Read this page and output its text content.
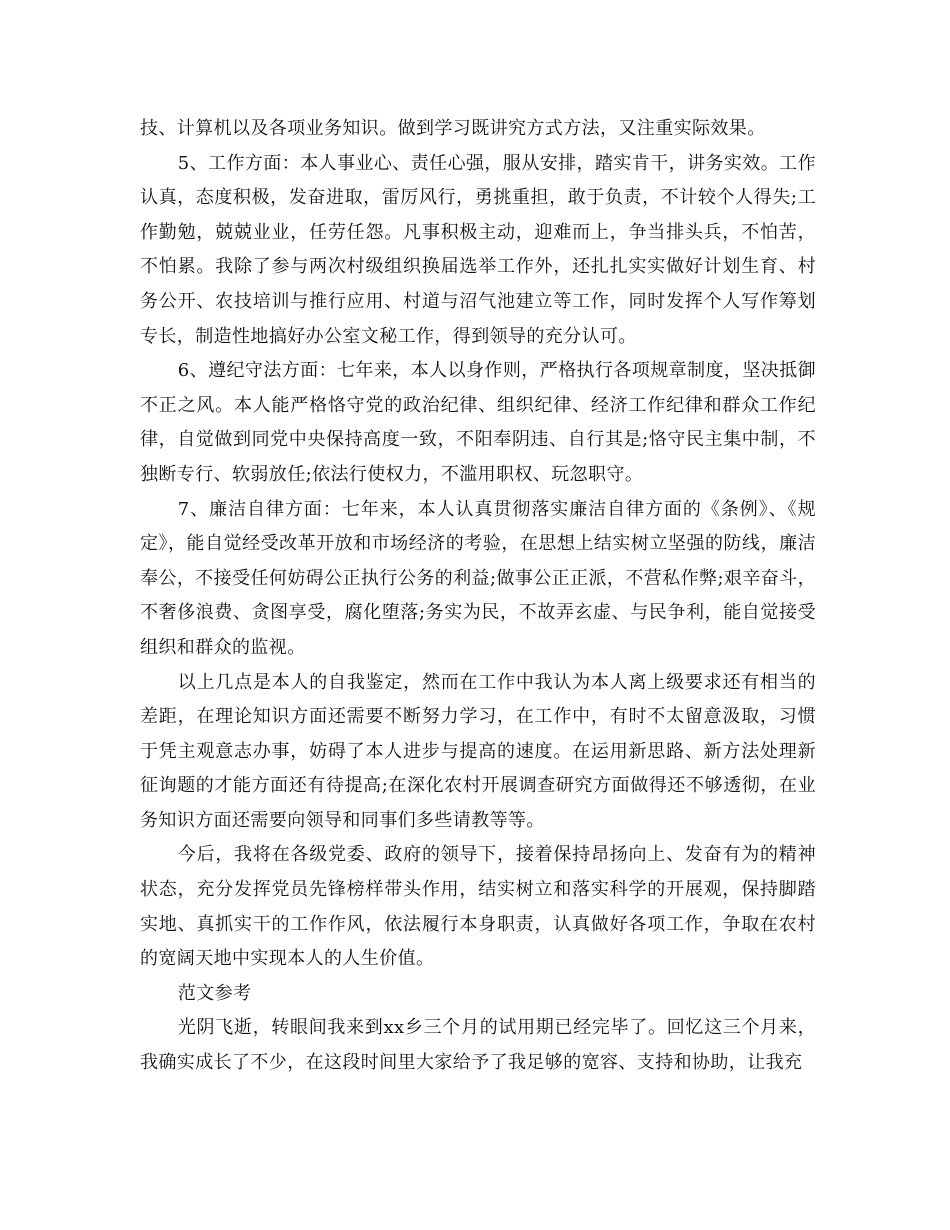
技、计算机以及各项业务知识。做到学习既讲究方式方法，又注重实际效果。

5、工作方面：本人事业心、责任心强，服从安排，踏实肯干，讲务实效。工作认真，态度积极，发奋进取，雷厉风行，勇挑重担，敢于负责，不计较个人得失;工作勤勉，兢兢业业，任劳任怨。凡事积极主动，迎难而上，争当排头兵，不怕苦，不怕累。我除了参与两次村级组织换届选举工作外，还扎扎实实做好计划生育、村务公开、农技培训与推行应用、村道与沼气池建立等工作，同时发挥个人写作筹划专长，制造性地搞好办公室文秘工作，得到领导的充分认可。

6、遵纪守法方面：七年来，本人以身作则，严格执行各项规章制度，坚决抵御不正之风。本人能严格恪守党的政治纪律、组织纪律、经济工作纪律和群众工作纪律，自觉做到同党中央保持高度一致，不阳奉阴违、自行其是;恪守民主集中制，不独断专行、软弱放任;依法行使权力，不滥用职权、玩忽职守。

7、廉洁自律方面：七年来，本人认真贯彻落实廉洁自律方面的《条例》、《规定》，能自觉经受改革开放和市场经济的考验，在思想上结实树立坚强的防线，廉洁奉公，不接受任何妨碍公正执行公务的利益;做事公正正派，不营私作弊;艰辛奋斗，不奢侈浪费、贪图享受，腐化堕落;务实为民，不故弄玄虚、与民争利，能自觉接受组织和群众的监视。

以上几点是本人的自我鉴定，然而在工作中我认为本人离上级要求还有相当的差距，在理论知识方面还需要不断努力学习，在工作中，有时不太留意汲取，习惯于凭主观意志办事，妨碍了本人进步与提高的速度。在运用新思路、新方法处理新征询题的才能方面还有待提高;在深化农村开展调查研究方面做得还不够透彻，在业务知识方面还需要向领导和同事们多些请教等等。

今后，我将在各级党委、政府的领导下，接着保持昂扬向上、发奋有为的精神状态，充分发挥党员先锋榜样带头作用，结实树立和落实科学的开展观，保持脚踏实地、真抓实干的工作作风，依法履行本身职责，认真做好各项工作，争取在农村的宽阔天地中实现本人的人生价值。

范文参考

光阴飞逝，转眼间我来到xx乡三个月的试用期已经完毕了。回忆这三个月来，我确实成长了不少，在这段时间里大家给予了我足够的宽容、支持和协助，让我充
